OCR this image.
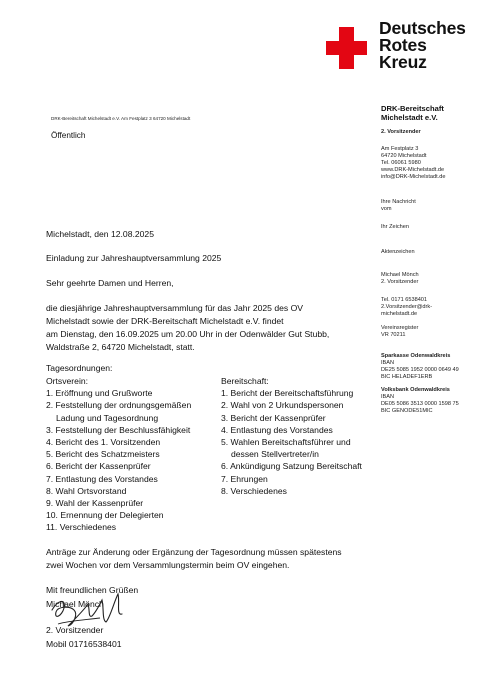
Deutsches
Rotes
Kreuz
DRK-Bereitschaft Michelstadt e.V. Am Festplatz 3 64720 Michelstadt
Öffentlich
DRK-Bereitschaft
Michelstadt e.V.
2. Vorsitzender
Am Festplatz 3
64720 Michelstadt
Tel. 06061 5980
www.DRK-Michelstadt.de
info@DRK-Michelstadt.de
Ihre Nachricht
vom
Ihr Zeichen
Aktenzeichen
Michael Mönch
2. Vorsitzender
Tel. 0171 6538401
2.Vorsitzender@drk-
michelstadt.de
Vereinsregister
VR 70211
Sparkasse Odenwaldkreis
IBAN
DE25 5085 1952 0000 0649 49
BIC HELADEF1ERB
Volksbank Odenwaldkreis
IBAN
DE05 5086 3513 0000 1598 75
BIC GENODE51MIC
Michelstadt, den 12.08.2025
Einladung zur Jahreshauptversammlung 2025
Sehr geehrte Damen und Herren,
die diesjährige Jahreshauptversammlung für das Jahr 2025 des OV
Michelstadt sowie der DRK-Bereitschaft Michelstadt e.V. findet
am Dienstag, den 16.09.2025 um 20.00 Uhr in der Odenwälder Gut Stubb,
Waldstraße 2, 64720 Michelstadt, statt.
Tagesordnungen:
Ortsverein:
1. Eröffnung und Grußworte
2. Feststellung der ordnungsgemäßen
Ladung und Tagesordnung
3. Feststellung der Beschlussfähigkeit
4. Bericht des 1. Vorsitzenden
5. Bericht des Schatzmeisters
6. Bericht der Kassenprüfer
7. Entlastung des Vorstandes
8. Wahl Ortsvorstand
9. Wahl der Kassenprüfer
10. Ernennung der Delegierten
11. Verschiedenes
Bereitschaft:
1. Bericht der Bereitschaftsführung
2. Wahl von 2 Urkundspersonen
3. Bericht der Kassenprüfer
4. Entlastung des Vorstandes
5. Wahlen Bereitschaftsführer und
dessen Stellvertreter/in
6. Ankündigung Satzung Bereitschaft
7. Ehrungen
8. Verschiedenes
Anträge zur Änderung oder Ergänzung der Tagesordnung müssen spätestens
zwei Wochen vor dem Versammlungstermin beim OV eingehen.
Mit freundlichen Grüßen
Michael Mönch
2. Vorsitzender
Mobil 01716538401
